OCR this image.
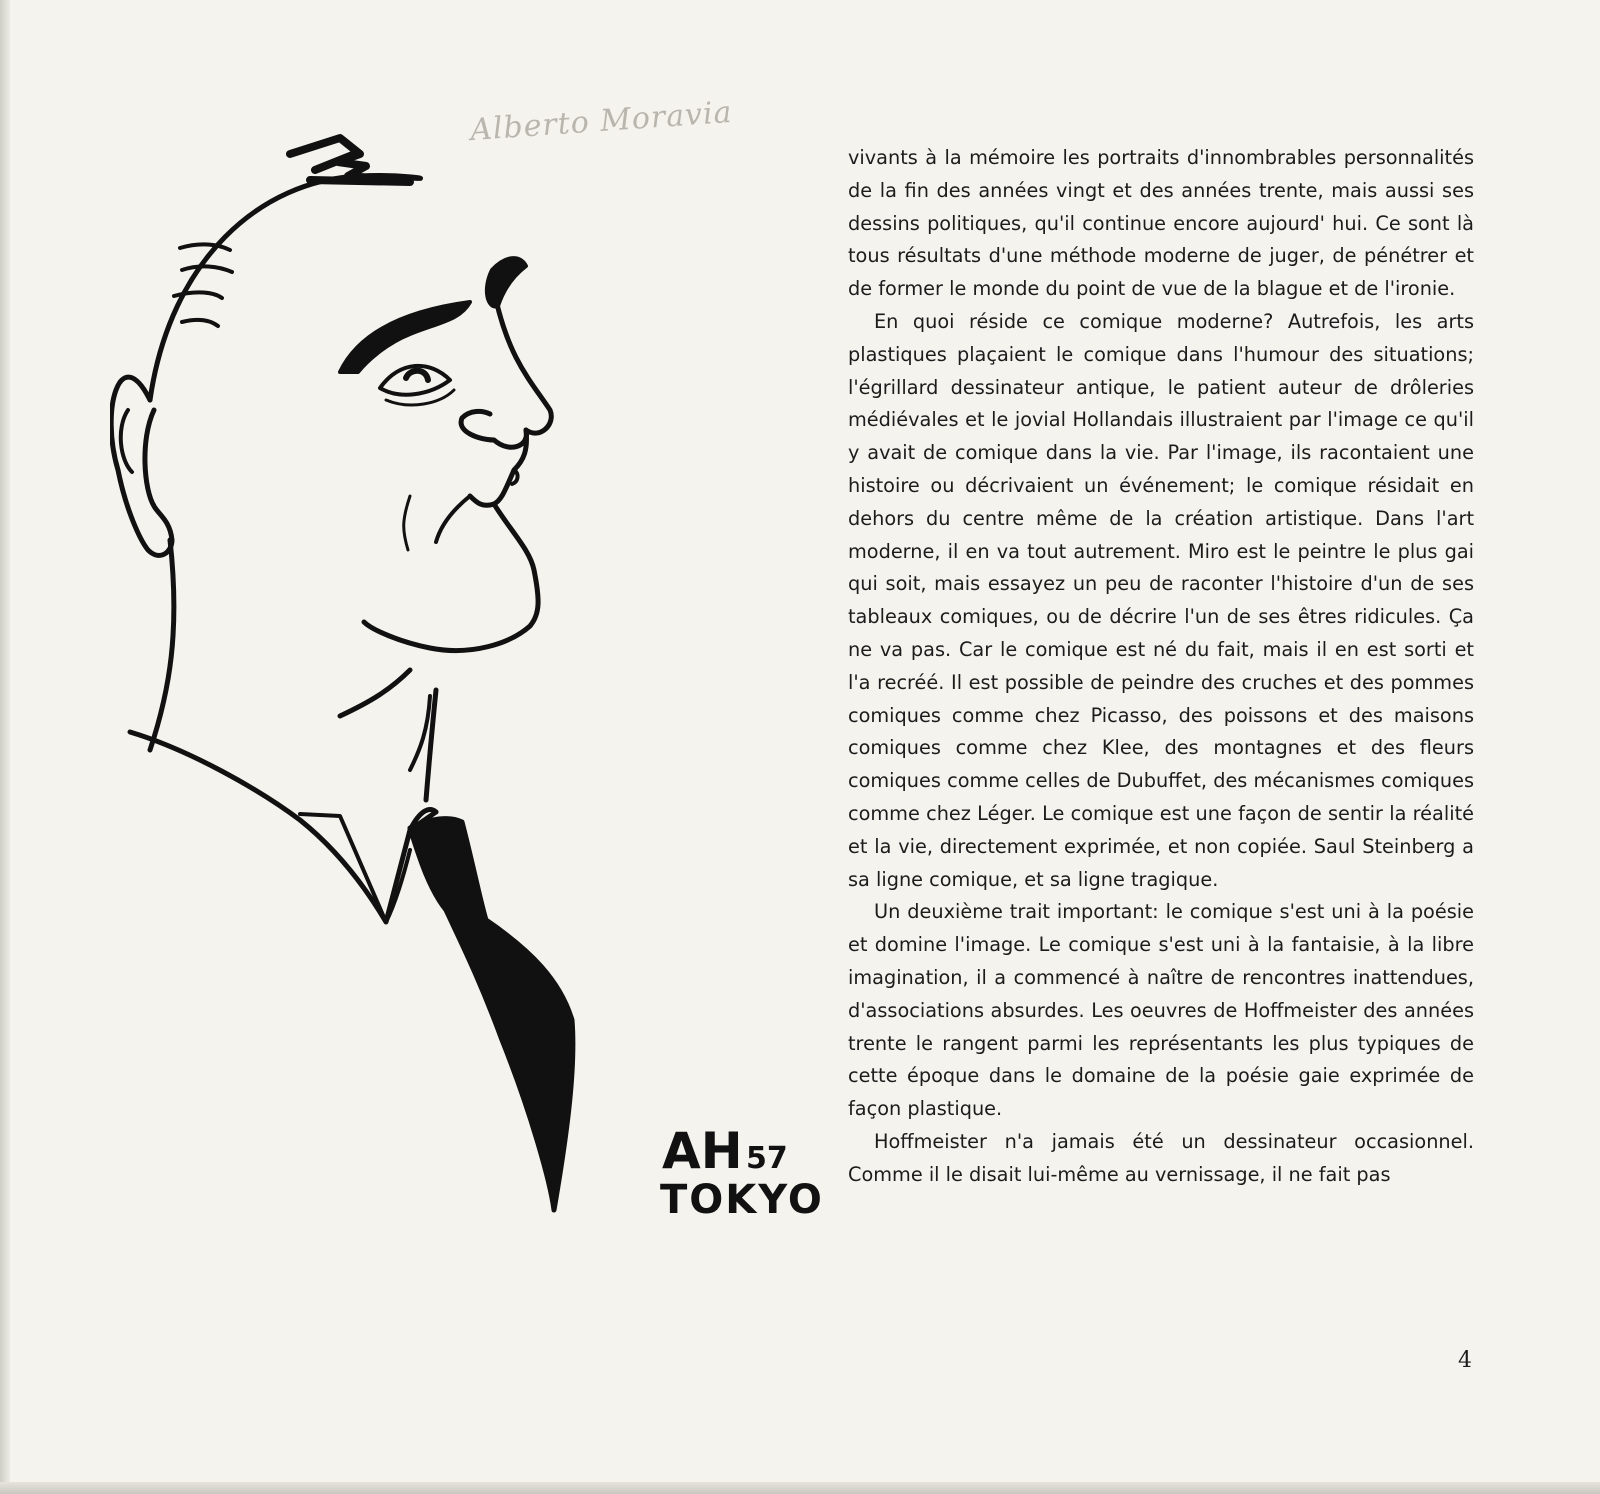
Alberto Moravia
AH 57
TOKYO

vivants à la mémoire les portraits d'innombrables personnalités de la fin des années vingt et des années trente, mais aussi ses dessins politiques, qu'il continue encore aujourd' hui. Ce sont là tous résultats d'une méthode moderne de juger, de pénétrer et de former le monde du point de vue de la blague et de l'ironie.

En quoi réside ce comique moderne? Autrefois, les arts plastiques plaçaient le comique dans l'humour des situations; l'égrillard dessinateur antique, le patient auteur de drôleries médiévales et le jovial Hollandais illustraient par l'image ce qu'il y avait de comique dans la vie. Par l'image, ils racontaient une histoire ou décrivaient un événement; le comique résidait en dehors du centre même de la création artistique. Dans l'art moderne, il en va tout autrement. Miro est le peintre le plus gai qui soit, mais essayez un peu de raconter l'histoire d'un de ses tableaux comiques, ou de décrire l'un de ses êtres ridicules. Ça ne va pas. Car le comique est né du fait, mais il en est sorti et l'a recréé. Il est possible de peindre des cruches et des pommes comiques comme chez Picasso, des poissons et des maisons comiques comme chez Klee, des montagnes et des fleurs comiques comme celles de Dubuffet, des mécanismes comiques comme chez Léger. Le comique est une façon de sentir la réalité et la vie, directement exprimée, et non copiée. Saul Steinberg a sa ligne comique, et sa ligne tragique.

Un deuxième trait important: le comique s'est uni à la poésie et domine l'image. Le comique s'est uni à la fantaisie, à la libre imagination, il a commencé à naître de rencontres inattendues, d'associations absurdes. Les oeuvres de Hoffmeister des années trente le rangent parmi les représentants les plus typiques de cette époque dans le domaine de la poésie gaie exprimée de façon plastique.

Hoffmeister n'a jamais été un dessinateur occasionnel. Comme il le disait lui-même au vernissage, il ne fait pas

4
